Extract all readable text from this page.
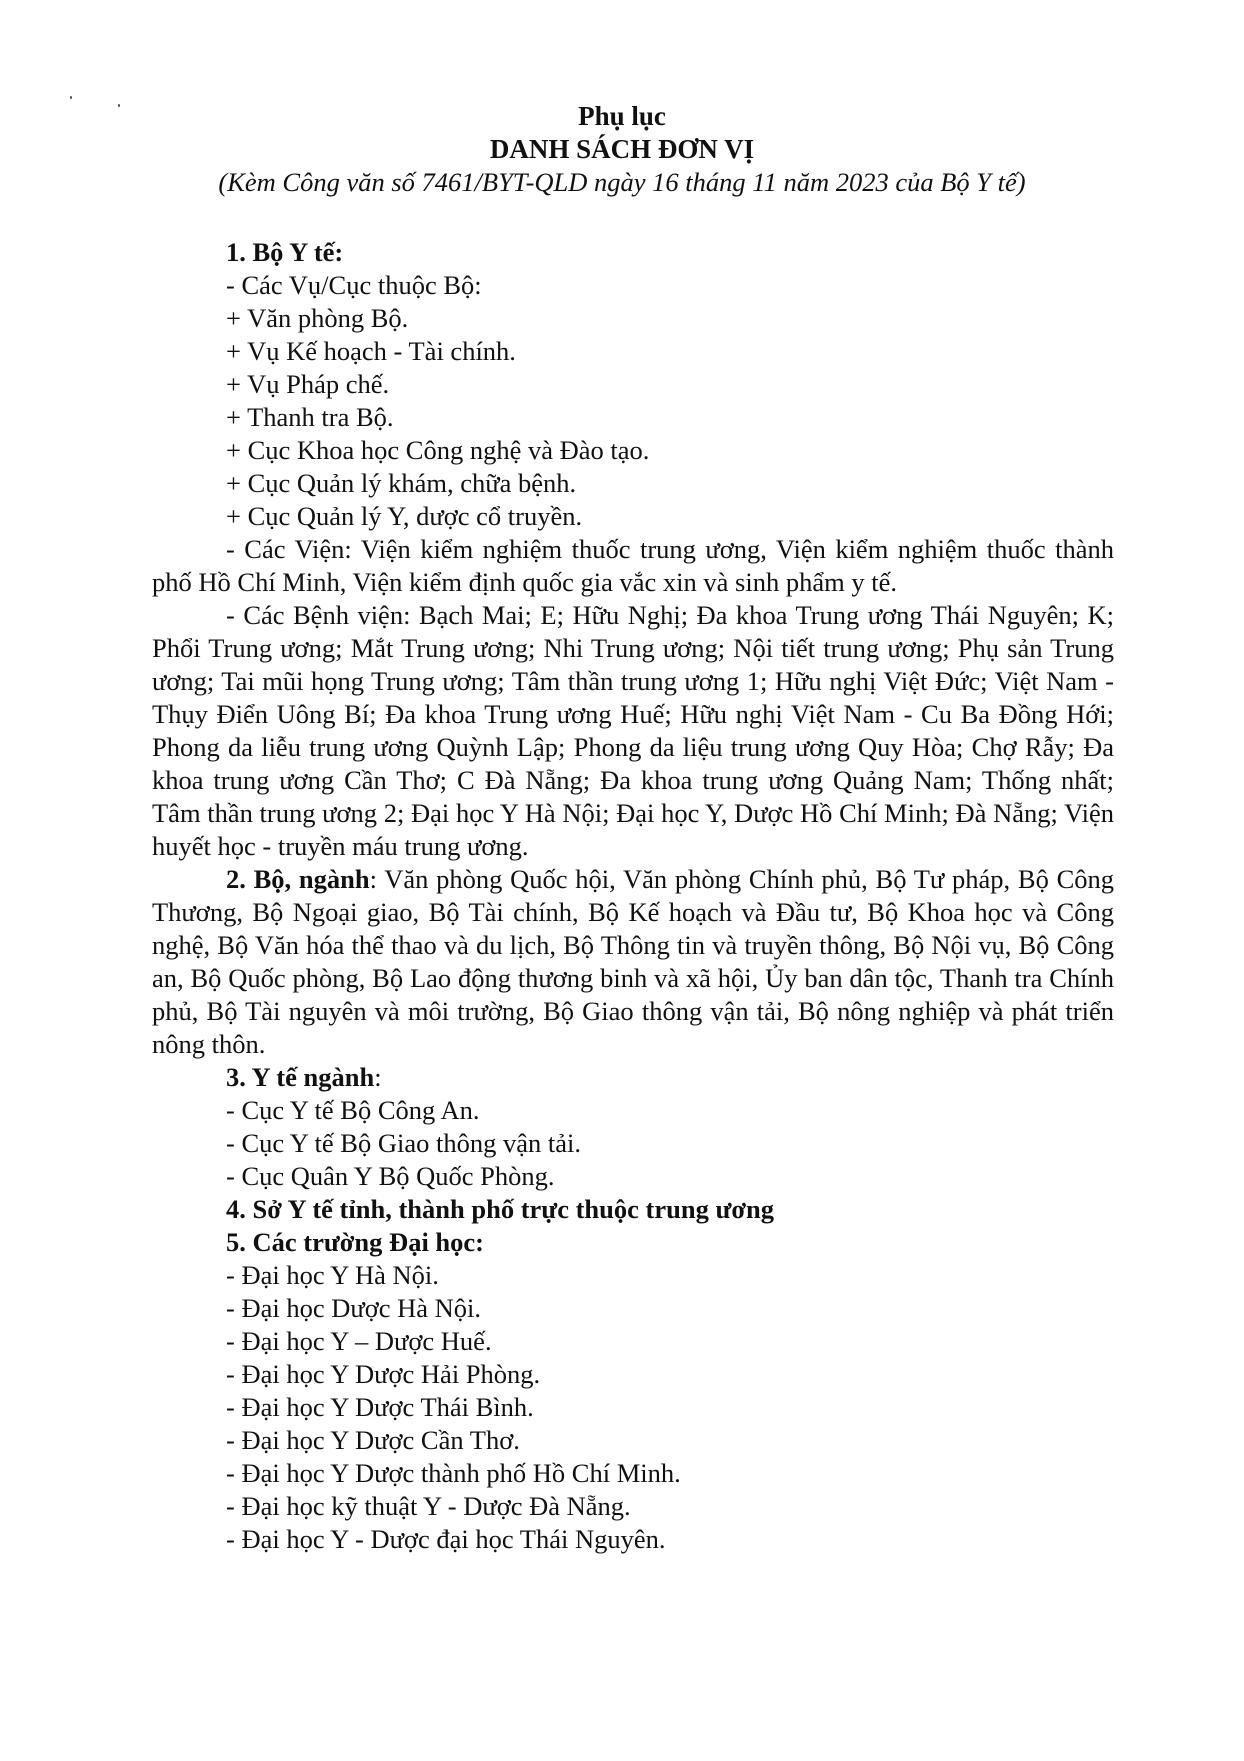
Phụ lục

DANH SÁCH ĐƠN VỊ

(Kèm Công văn số 7461/BYT-QLD ngày 16 tháng 11 năm 2023 của Bộ Y tế)

1. Bộ Y tế:

- Các Vụ/Cục thuộc Bộ:

+ Văn phòng Bộ.

+ Vụ Kế hoạch - Tài chính.

+ Vụ Pháp chế.

+ Thanh tra Bộ.

+ Cục Khoa học Công nghệ và Đào tạo.

+ Cục Quản lý khám, chữa bệnh.

+ Cục Quản lý Y, dược cổ truyền.

- Các Viện: Viện kiểm nghiệm thuốc trung ương, Viện kiểm nghiệm thuốc thành phố Hồ Chí Minh, Viện kiểm định quốc gia vắc xin và sinh phẩm y tế.

- Các Bệnh viện: Bạch Mai; E; Hữu Nghị; Đa khoa Trung ương Thái Nguyên; K; Phổi Trung ương; Mắt Trung ương; Nhi Trung ương; Nội tiết trung ương; Phụ sản Trung ương; Tai mũi họng Trung ương; Tâm thần trung ương 1; Hữu nghị Việt Đức; Việt Nam - Thụy Điển Uông Bí; Đa khoa Trung ương Huế; Hữu nghị Việt Nam - Cu Ba Đồng Hới; Phong da liễu trung ương Quỳnh Lập; Phong da liệu trung ương Quy Hòa; Chợ Rẫy; Đa khoa trung ương Cần Thơ; C Đà Nẵng; Đa khoa trung ương Quảng Nam; Thống nhất; Tâm thần trung ương 2; Đại học Y Hà Nội; Đại học Y, Dược Hồ Chí Minh; Đà Nẵng; Viện huyết học - truyền máu trung ương.

2. Bộ, ngành: Văn phòng Quốc hội, Văn phòng Chính phủ, Bộ Tư pháp, Bộ Công Thương, Bộ Ngoại giao, Bộ Tài chính, Bộ Kế hoạch và Đầu tư, Bộ Khoa học và Công nghệ, Bộ Văn hóa thể thao và du lịch, Bộ Thông tin và truyền thông, Bộ Nội vụ, Bộ Công an, Bộ Quốc phòng, Bộ Lao động thương binh và xã hội, Ủy ban dân tộc, Thanh tra Chính phủ, Bộ Tài nguyên và môi trường, Bộ Giao thông vận tải, Bộ nông nghiệp và phát triển nông thôn.

3. Y tế ngành:

- Cục Y tế Bộ Công An.

- Cục Y tế Bộ Giao thông vận tải.

- Cục Quân Y Bộ Quốc Phòng.

4. Sở Y tế tỉnh, thành phố trực thuộc trung ương

5. Các trường Đại học:

- Đại học Y Hà Nội.

- Đại học Dược Hà Nội.

- Đại học Y – Dược Huế.

- Đại học Y Dược Hải Phòng.

- Đại học Y Dược Thái Bình.

- Đại học Y Dược Cần Thơ.

- Đại học Y Dược thành phố Hồ Chí Minh.

- Đại học kỹ thuật Y - Dược Đà Nẵng.

- Đại học Y - Dược đại học Thái Nguyên.
